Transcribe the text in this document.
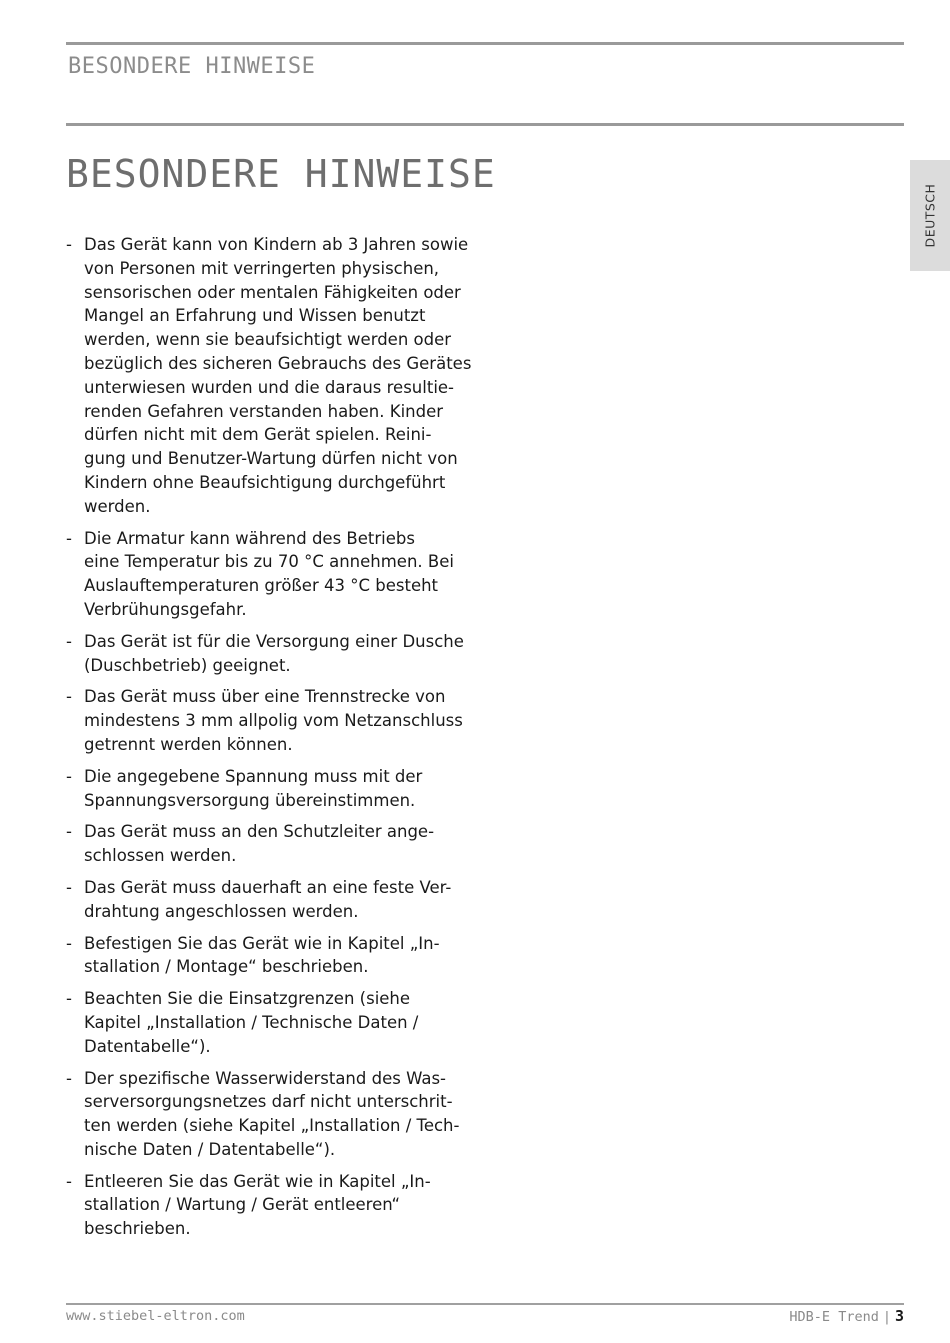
BESONDERE HINWEISE
BESONDERE HINWEISE
DEUTSCH
- Das Gerät kann von Kindern ab 3 Jahren sowie
von Personen mit verringerten physischen,
sensorischen oder mentalen Fähigkeiten oder
Mangel an Erfahrung und Wissen benutzt
werden, wenn sie beaufsichtigt werden oder
bezüglich des sicheren Gebrauchs des Gerätes
unterwiesen wurden und die daraus resultie-
renden Gefahren verstanden haben. Kinder
dürfen nicht mit dem Gerät spielen. Reini-
gung und Benutzer-Wartung dürfen nicht von
Kindern ohne Beaufsichtigung durchgeführt
werden.
- Die Armatur kann während des Betriebs
eine Temperatur bis zu 70 °C annehmen. Bei
Auslauftemperaturen größer 43 °C besteht
Verbrühungsgefahr.
- Das Gerät ist für die Versorgung einer Dusche
(Duschbetrieb) geeignet.
- Das Gerät muss über eine Trennstrecke von
mindestens 3 mm allpolig vom Netzanschluss
getrennt werden können.
- Die angegebene Spannung muss mit der
Spannungsversorgung übereinstimmen.
- Das Gerät muss an den Schutzleiter ange-
schlossen werden.
- Das Gerät muss dauerhaft an eine feste Ver-
drahtung angeschlossen werden.
- Befestigen Sie das Gerät wie in Kapitel „In-
stallation / Montage“ beschrieben.
- Beachten Sie die Einsatzgrenzen (siehe
Kapitel „Installation / Technische Daten /
Datentabelle“).
- Der spezifische Wasserwiderstand des Was-
serversorgungsnetzes darf nicht unterschrit-
ten werden (siehe Kapitel „Installation / Tech-
nische Daten / Datentabelle“).
- Entleeren Sie das Gerät wie in Kapitel „In-
stallation / Wartung / Gerät entleeren“
beschrieben.
www.stiebel-eltron.com	HDB-E Trend | 3
